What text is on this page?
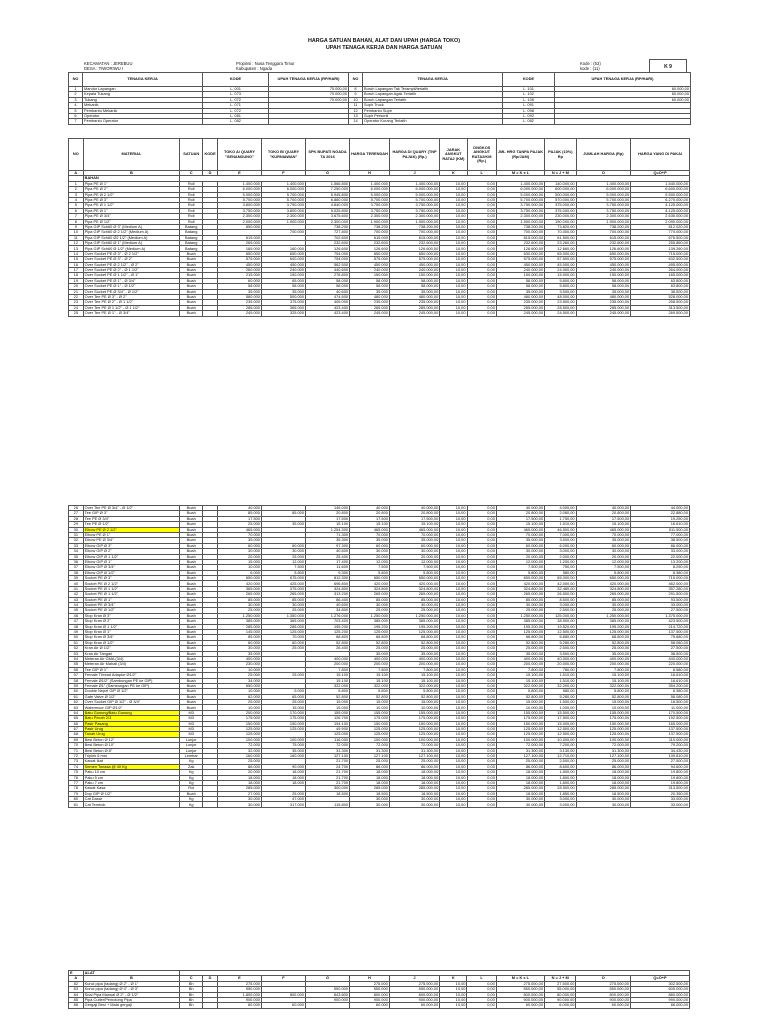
HARGA SATUAN BAHAN, ALAT DAN UPAH (HARGA TOKO)
UPAH TENAGA KERJA DAN HARGA SATUAN
KECAMATAN : JEREBUU
DESA : TIWORIWU I
Propinsi : Nusa Tenggara Timur
Kabupaten : Ngada
Kode : (53)
kode : (11)	K 9
NO	TENAGA KERJA	KODE	UPAH TENAGA KERJA (RP/HARI)	NO	TENAGA KERJA	KODE	UPAH TENAGA KERJA (RP/HARI)
1	Mandor Lapangan	L. 001	75.000,00	8	Buruh Lapangan Tak Terampil/terlatih	L. 101	60.000,00
2	Kepala Tukang	L. 073	70.000,00	9	Buruh Lapangan Agak Terlatih	L. 102	60.000,00
3	Tukang	L. 072	70.000,00	10	Buruh Lapangan Terlatih	L. 106	60.000,00
4	Mekanik	L. 071		11	Supir Truck	L. 091	
5	Pembantu Mekanik	L. 072		12	Pembantu Supir	L. 098	
6	Operator	L. 081		13	Supir Personil	L. 092	
7	Pembantu Operator	L. 082		14	Operator Kurang Terlatih	L. 082	
NO	MATERIAL	SATUAN	KODE	TOKO A/ QUARY "SENANDUNG"	TOKO B/ QUARY "KURNIAWAN"	SPK BUPATI NGADA TA 2016	HARGA TERENDAH	HARGA DI QUARY (TNP PAJAK) (Rp.)	JARAK ANGKUT RATA2 (KM)	ONGKOS ANGKUT RATA2/KM (Rp.)	JML HRG TANPA PAJAK (Rp/JAM)	PAJAK (10%) Rp	JUMLAH HARGA (Rp)	HARGA YANG DI PAKAI
A	B	C	D	E	F	G	H	J	K	L	M = K x L	N = J + M	O	Q=O+P
	BAHAN													
1	Pipa PE Ø 1"	Roll		1.400.000	1.400.000	1.566.800	1.400.000	1.400.000,00	10,00	0,00	1.400.000,00	140.000,00	1.400.000,00	1.540.000,00
2	Pipa PE Ø 2"	Roll		6.000.000	6.000.000	7.250.000	6.000.000	6.000.000,00	10,00	0,00	6.000.000,00	600.000,00	6.000.000,00	6.600.000,00
3	Pipa PE Ø 2 1/2"	Roll		5.000.000	5.700.000	5.945.800	5.000.000	5.000.000,00	10,00	0,00	5.000.000,00	500.000,00	5.000.000,00	5.500.000,00
4	Pipa PE Ø 3"	Roll		5.700.000	5.700.000	6.860.000	5.700.000	5.700.000,00	10,00	0,00	5.700.000,00	570.000,00	5.700.000,00	6.270.000,00
5	Pipa PE Ø 1 1/2"	Roll		3.800.000	3.750.000	4.840.000	3.750.000	3.750.000,00	10,00	0,00	3.750.000,00	375.000,00	3.750.000,00	4.125.000,00
6	Pipa PE Ø 1"	Roll		3.750.000	3.800.000	5.025.800	3.750.000	3.750.000,00	10,00	0,00	3.750.000,00	375.000,00	3.750.000,00	4.125.000,00
7	Pipa PE Ø 3/4"	Roll		2.300.000	2.300.000	3.675.600	2.300.000	2.300.000,00	10,00	0,00	2.300.000,00	230.000,00	2.300.000,00	2.530.000,00
8	Pipa PE Ø 1/2"	Roll		2.000.000	1.900.000	2.300.000	1.900.000	1.900.000,00	10,00	0,00	1.900.000,00	190.000,00	1.900.000,00	2.090.000,00
9	Pipa GIP Sch60 Ø 3" (Medium A)	Batang		850.000		738.200	738.200	738.200,00	10,00	0,00	738.200,00	73.820,00	738.200,00	812.020,00
10	Pipa GIP Sch60 Ø 2 1/2" (Medium A)	Batang			700.000	727.800	700.000	700.000,00	10,00	0,00	700.000,00	70.000,00	700.000,00	770.000,00
11	Pipa GIP Sch60 Ø2 1/2" (Medium A)	Batang		615.000		702.600	615.000	615.000,00	10,00	0,00	615.000,00	61.500,00	615.000,00	676.500,00
12	Pipa GIP Sch60 Ø 1" (Medium A)	Batang		265.000		232.600	232.600	232.600,00	10,00	0,00	232.600,00	23.260,00	232.600,00	255.860,00
13	Pipa GIP Sch60 Ø 1/2" (Medium A)	Batang		165.000	160.000	126.600	126.600	126.600,00	10,00	0,00	126.600,00	12.660,00	126.600,00	139.260,00
14	Over Socket PE Ø 3" - Ø 2 1/2"	Buah		650.000	650.000	754.000	650.000	650.000,00	10,00	0,00	630.000,00	65.000,00	650.000,00	715.000,00
15	Over Socket PE Ø 3" - Ø 2"	Buah		575.000	600.000	754.000	575.000	575.000,00	10,00	0,00	575.000,00	57.500,00	575.000,00	632.500,00
16	Over Socket PE Ø 2 1/2" - Ø 2"	Buah		450.000	450.000	562.500	450.000	450.000,00	10,00	0,00	450.000,00	45.000,00	450.000,00	495.000,00
17	Over Socket PE Ø 2" - Ø 1 1/2"	Buah		260.000	240.000	440.600	240.000	240.000,00	10,00	0,00	240.000,00	24.000,00	240.000,00	264.000,00
18	Over Socket PE Ø 1 1/2" - Ø 1"	Buah		215.000	150.000	276.800	150.000	150.000,00	10,00	0,00	150.000,00	15.000,00	150.000,00	165.000,00
19	Over Socket PE Ø 1" - Ø 3/4"	Buah		60.000	65.000	58.000	58.000	58.000,00	10,00	0,00	58.000,00	5.800,00	58.000,00	63.800,00
20	Over Socket PE Ø 1" - Ø 1/2"	Buah		58.000	58.000	58.000	58.000	58.000,00	10,00	0,00	58.000,00	5.800,00	58.000,00	63.800,00
21	Over Socket PE Ø 3/4" - Ø 1/2"	Buah		35.000	35.000	40.600	35.000	35.000,00	10,00	0,00	35.000,00	3.500,00	35.000,00	38.500,00
22	Over Tee PE Ø 3" - Ø 2"	Buah		580.000	500.000	474.600	480.000	480.000,00	10,00	0,00	480.000,00	48.000,00	480.000,00	528.000,00
23	Over Tee PE Ø 2" - Ø 1 1/2"	Buah		235.000	375.000	405.000	235.000	235.000,00	10,00	0,00	235.000,00	23.500,00	235.000,00	258.500,00
24	Over Tee PE Ø 1 1/2" - Ø 1 1/2"	Buah		285.000	365.000	423.400	285.000	285.000,00	10,00	0,00	285.000,00	28.500,00	285.000,00	313.500,00
25	Over Tee PE Ø 1" - Ø 3/4"	Buah		245.000	325.000	423.400	245.000	245.000,00	10,00	0,00	245.000,00	24.500,00	245.000,00	269.500,00
26	Over Tee PE Ø 3/4" - Ø 1/2"	Buah		40.000		145.000	40.000	40.000,00	10,00	0,00	40.000,00	4.000,00	40.000,00	44.000,00
27	Tee GIP Ø 3"	Buah		85.000	85.000	20.800	20.800	20.800,00	10,00	0,00	20.800,00	2.080,00	20.800,00	22.880,00
28	Tee PE Ø 3/4"	Buah		17.500		17.500	17.500	17.500,00	10,00	0,00	17.500,00	1.750,00	17.500,00	19.250,00
29	Tee PE Ø 1/2"	Buah		25.000	35.000	15.100	15.100	15.100,00	10,00	0,00	15.100,00	1.510,00	15.100,00	16.610,00
30	Elbow PE Ø 2 1/2"	Buah		465.000		1.254.300	465.000	465.000,00	10,00	0,00	465.000,00	46.500,00	465.000,00	511.500,00
31	Elbow PE Ø 1"	Buah		70.000		71.300	70.000	70.000,00	10,00	0,00	70.000,00	7.000,00	70.000,00	77.000,00
32	Elbow PE Ø 3/4"	Buah		35.000		35.300	35.000	35.000,00	10,00	0,00	35.000,00	3.500,00	35.000,00	38.500,00
33	Elbow GIP Ø 3"	Buah		60.000	60.000	97.300	60.000	60.000,00	10,00	0,00	60.000,00	6.000,00	60.000,00	66.000,00
34	Elbow GIP Ø 2"	Buah		30.000	30.000	40.600	30.000	30.000,00	10,00	0,00	30.000,00	3.000,00	30.000,00	33.000,00
35	Elbow GIP Ø 1 1/2"	Buah		20.000	25.000	25.400	20.000	20.000,00	10,00	0,00	20.000,00	2.000,00	20.000,00	22.000,00
36	Elbow GIP Ø 1"	Buah		15.000	12.000	17.400	12.000	12.000,00	10,00	0,00	12.000,00	1.200,00	12.000,00	13.200,00
37	Elbow GIP Ø 3/4"	Buah		10.000	7.500	11.600	7.500	7.500,00	10,00	0,00	7.500,00	750,00	7.500,00	8.250,00
38	Elbow GIP Ø 1/2"	Buah		6.000	5.800	9.300	5.800	5.800,00	10,00	0,00	5.800,00	580,00	5.800,00	6.380,00
39	Socket PE Ø 3"	Buah		650.000	675.000	812.300	650.000	650.000,00	10,00	0,00	650.000,00	65.000,00	650.000,00	715.000,00
40	Socket PE Ø 2 1/2"	Buah		420.000	425.000	696.800	420.000	420.000,00	10,00	0,00	420.000,00	42.000,00	420.000,00	462.000,00
41	Socket PE Ø 1 1/2"	Buah		365.000	375.000	324.800	324.800	324.800,00	10,00	0,00	324.800,00	32.480,00	324.800,00	357.280,00
42	Socket PE Ø 1 1/2"	Buah		265.000	265.000	313.200	265.000	265.000,00	10,00	0,00	265.000,00	26.500,00	265.000,00	291.500,00
43	Socket PE Ø 1"	Buah		85.000	85.000	86.400	85.000	85.000,00	10,00	0,00	85.000,00	8.500,00	85.000,00	93.500,00
44	Socket PE Ø 3/4"	Buah		30.000	30.000	40.600	30.000	30.000,00	10,00	0,00	30.000,00	3.000,00	30.000,00	33.000,00
45	Socket PE Ø 1/2"	Buah		25.000	25.000	34.800	25.000	25.000,00	10,00	0,00	25.000,00	2.500,00	25.000,00	27.500,00
46	Stop Kran Ø 3"	Buah		1.250.000	1.350.000	1.276.000	1.250.000	1.250.000,00	10,00	0,00	1.250.000,00	125.000,00	1.250.000,00	1.375.000,00
47	Stop Kran Ø 2"	Buah		385.000	365.000	703.400	385.000	385.000,00	10,00	0,00	385.000,00	38.500,00	385.000,00	423.500,00
48	Stop Kran Ø 1 1/2"	Buah		285.000	285.000	195.200	195.200	195.200,00	10,00	0,00	195.200,00	19.520,00	195.200,00	214.720,00
49	Stop Kran Ø 1"	Buah		145.000	125.000	125.200	125.000	125.000,00	10,00	0,00	125.000,00	12.500,00	125.000,00	137.500,00
50	Stop Kran Ø 3/4"	Buah		85.000	70.000	68.800	68.800	68.800,00	10,00	0,00	68.800,00	6.880,00	68.800,00	75.680,00
51	Stop Kran Ø 1/2"	Buah		60.000	60.000	52.800	52.800	52.800,00	10,00	0,00	52.800,00	5.280,00	52.800,00	58.080,00
52	Kran Air Ø 1/2"	Buah		30.000	25.000	26.400	25.000	25.000,00	10,00	0,00	25.000,00	2.500,00	25.000,00	27.500,00
53	Kran Air Tangan	Buah		35.000			35.000	35.000,00	10,00	0,00	35.000,00	3.500,00	35.000,00	38.500,00
54	Meteran Air GMA (3/4)	Buah		400.000		400.000	400.000	400.000,00	10,00	0,00	400.000,00	40.000,00	400.000,00	440.000,00
55	Meteran Air Mahali (3/4)	Buah		230.000		200.000	200.000	200.000,00	10,00	0,00	200.000,00	20.000,00	200.000,00	220.000,00
56	Tee GIP Ø 1"	Buah		10.000		7.800	7.800	7.800,00	10,00	0,00	7.800,00	780,00	7.800,00	8.580,00
57	Female Thread Adaptor Ø1/2"	Buah		25.000	25.000	15.100	15.100	15.100,00	10,00	0,00	15.100,00	1.510,00	15.100,00	16.610,00
58	Female Ø1/2" (Sambungan PE ke GIP)	Buah		34.000		15.100	15.100	15.100,00	10,00	0,00	15.100,00	1.510,00	15.100,00	16.610,00
59	Female Ø1" (Sambungan PE ke GIP)	Buah		650.000		322.000	322.000	322.000,00	10,00	0,00	322.000,00	32.200,00	322.000,00	354.200,00
60	Double Nepel GIP Ø 1/2"	Buah		10.000	9.000	5.800	5.800	5.800,00	10,00	0,00	5.800,00	580,00	5.800,00	6.380,00
61	Gate Valve Ø 1/2"	Buah		62.000	65.000	52.800	52.800	52.800,00	10,00	0,00	52.800,00	5.280,00	52.800,00	58.080,00
62	Over Socket GIP Ø 1/2" - Ø 3/4"	Buah		25.000	25.000	15.000	15.000	15.000,00	10,00	0,00	15.000,00	1.500,00	15.000,00	16.500,00
63	Watermoor GIP Ø1/2"	Buah		10.000	15.000	15.000	10.000	10.000,00	10,00	0,00	10.000,00	1.000,00	10.000,00	11.000,00
64	Batu Gunung/Batu Gunung	M3		200.000	170.000	155.000	155.000	155.000,00	10,00	0,00	155.000,00	15.500,00	155.000,00	170.500,00
65	Batu Pecah 2/3	M3		175.000	175.000	126.700	175.000	175.000,00	10,00	0,00	175.000,00	17.500,00	175.000,00	192.500,00
66	Pasir Pasang	M3		150.000	150.000	194.100	150.000	150.000,00	10,00	0,00	150.000,00	15.000,00	150.000,00	165.000,00
67	Pasir Urug	M3		125.000	125.000	49.900	125.000	125.000,00	10,00	0,00	125.000,00	12.500,00	125.000,00	137.500,00
68	Tanah Urug	M3		125.000		125.000	125.000	125.000,00	10,00	0,00	125.000,00	12.500,00	125.000,00	137.500,00
69	Besi Beton Ø 12"	Lonjor		100.000	100.000	116.000	100.000	100.000,00	10,00	0,00	100.000,00	10.000,00	100.000,00	110.000,00
70	Besi Beton Ø 10"	Lonjor		72.000	75.000	72.000	72.000	72.000,00	10,00	0,00	72.000,00	7.200,00	72.000,00	79.200,00
71	Besi Beton Ø 8"	Lonjor		32.000	35.000	31.300	31.300	31.300,00	10,00	0,00	31.300,00	3.130,00	31.300,00	34.430,00
72	Triplek 6 mm	Lembar		160.000	160.000	127.100	127.100	127.100,00	10,00	0,00	127.100,00	12.710,00	127.100,00	139.810,00
73	Kawat Ikat	Kg		25.000		21.700	25.000	25.000,00	10,00	0,00	25.000,00	2.500,00	25.000,00	27.500,00
74	Semen Tonasa @ 40 Kg	Zak		86.000	90.000	24.700	86.000	86.000,00	10,00	0,00	86.000,00	8.600,00	86.000,00	94.600,00
75	Paku 10 cm	Kg		20.000	18.000	21.700	18.000	18.000,00	10,00	0,00	18.000,00	1.800,00	18.000,00	19.800,00
76	Paku 5 cm	Kg		18.000	18.000	21.700	18.000	18.000,00	10,00	0,00	18.000,00	1.800,00	18.000,00	19.800,00
77	Paku 7 cm	Kg		18.000	18.000	21.700	18.000	18.000,00	10,00	0,00	18.000,00	1.800,00	18.000,00	19.800,00
78	Kawat Kasa	Rol		285.000		300.000	285.000	285.000,00	10,00	0,00	285.000,00	28.500,00	285.000,00	313.500,00
79	Dop GIP Ø 1/2"	Buah		27.000	25.000	18.500	18.500	18.500,00	10,00	0,00	18.500,00	1.850,00	18.500,00	20.350,00
80	Cat Dasar	Kg		30.000	47.000		30.000	30.000,00	10,00	0,00	30.000,00	3.000,00	30.000,00	33.000,00
81	Cat Tembok	Kg		30.000	317.000	115.800	30.000	30.000,00	10,00	0,00	30.000,00	3.000,00	30.000,00	33.000,00
E	ALAT													
A	B	C	D	E	F	G	H	J	K	L	M = K x L	N = J + M	O	Q=O+P
82	Kunci pipa (tadang) Ø 2" - Ø 1"	Bh		275.000			275.000	275.000,00	10,00	0,00	275.000,00	27.500,00	275.000,00	302.500,00
83	Kunci pipa (tadang) Ø 4" - Ø 3"	Bh		550.000		550.000	550.000	550.000,00	10,00	0,00	550.000,00	55.000,00	550.000,00	605.000,00
84	Snai Pipa Manual Ø 2" - Ø 1/2"	Bh		1.800.000	800.000	843.600	800.000	800.000,00	10,00	0,00	800.000,00	80.000,00	800.000,00	880.000,00
85	Pipa Cutter/Pemotong Pipa	Bh		900.000		900.000	900.000	900.000,00	10,00	0,00	900.000,00	90.000,00	900.000,00	990.000,00
86	Gergaji Besi + Mata gergaji	Bh		60.000	60.000		60.000	60.000,00	10,00	0,00	60.000,00	6.000,00	60.000,00	66.000,00
